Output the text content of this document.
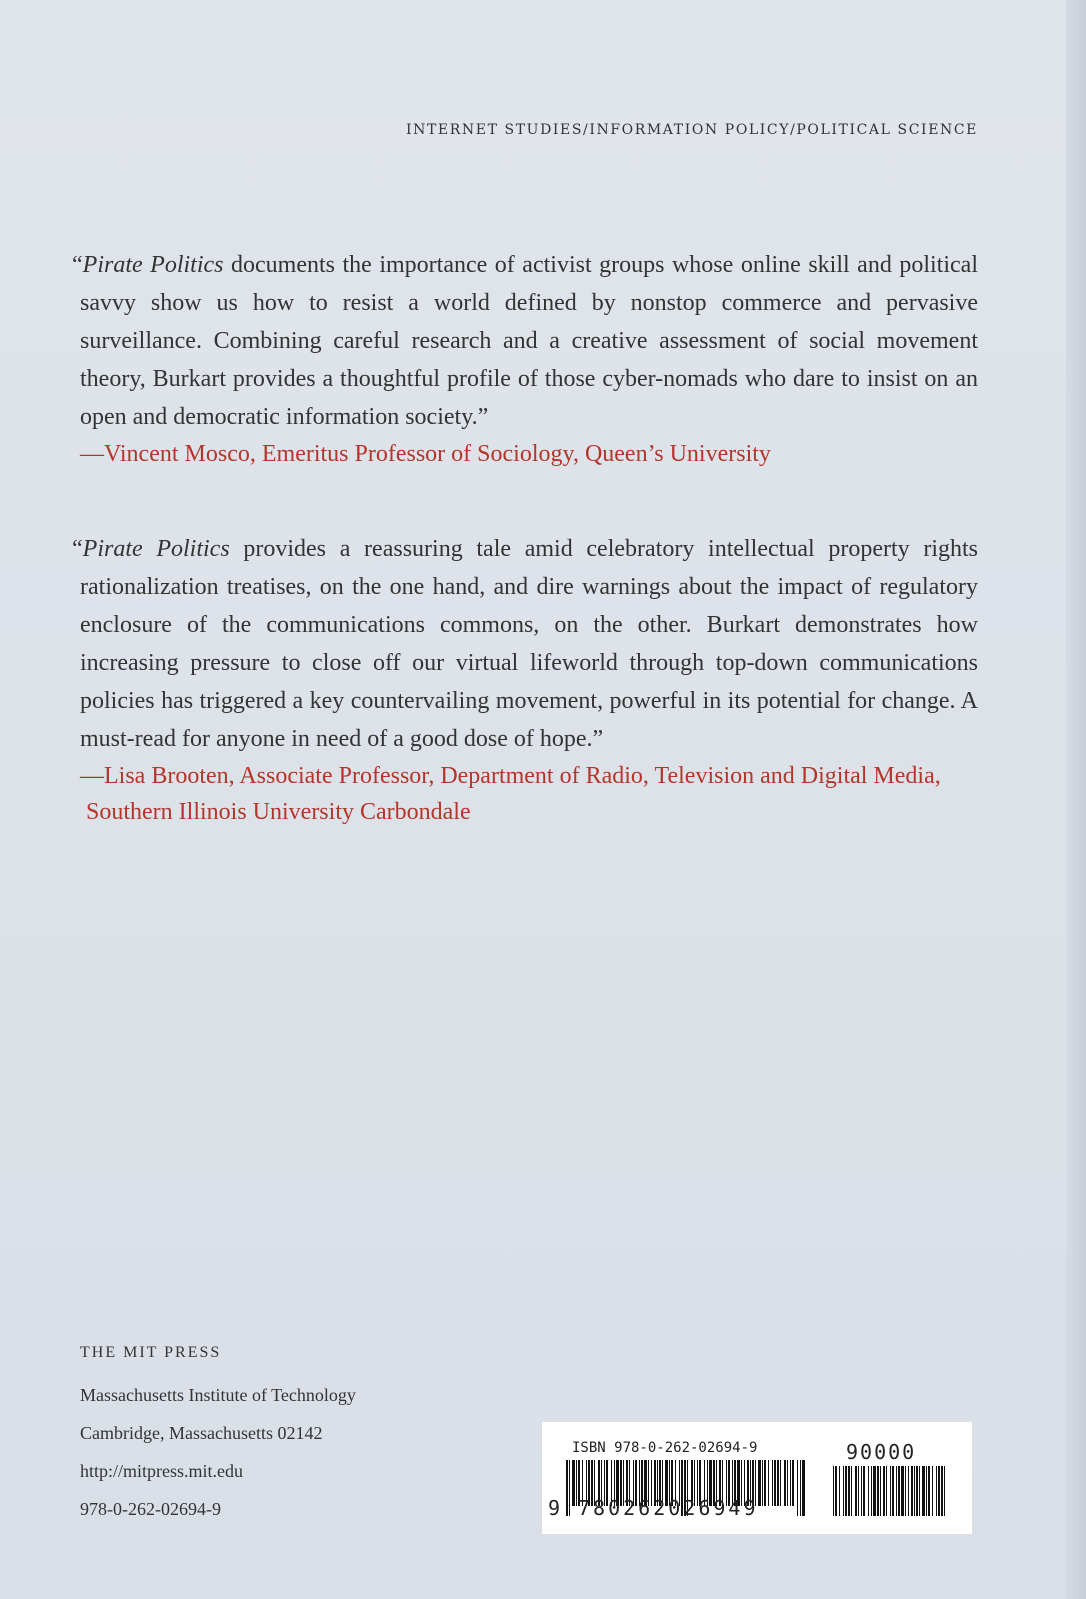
INTERNET STUDIES/INFORMATION POLICY/POLITICAL SCIENCE

“Pirate Politics documents the importance of activist groups whose online skill and political savvy show us how to resist a world defined by nonstop commerce and pervasive surveillance. Combining careful research and a creative assessment of social movement theory, Burkart provides a thoughtful profile of those cyber-nomads who dare to insist on an open and democratic information society.”

—Vincent Mosco, Emeritus Professor of Sociology, Queen’s University

“Pirate Politics provides a reassuring tale amid celebratory intellectual property rights rationalization treatises, on the one hand, and dire warnings about the impact of regulatory enclosure of the communications commons, on the other. Burkart demonstrates how increasing pressure to close off our virtual lifeworld through top-down communications policies has triggered a key countervailing movement, powerful in its potential for change. A must-read for anyone in need of a good dose of hope.”

—Lisa Brooten, Associate Professor, Department of Radio, Television and Digital Media,
Southern Illinois University Carbondale
THE MIT PRESS
Massachusetts Institute of Technology
Cambridge, Massachusetts 02142
http://mitpress.mit.edu
978-0-262-02694-9
ISBN 978-0-262-02694-9	90000
9 780262026949
